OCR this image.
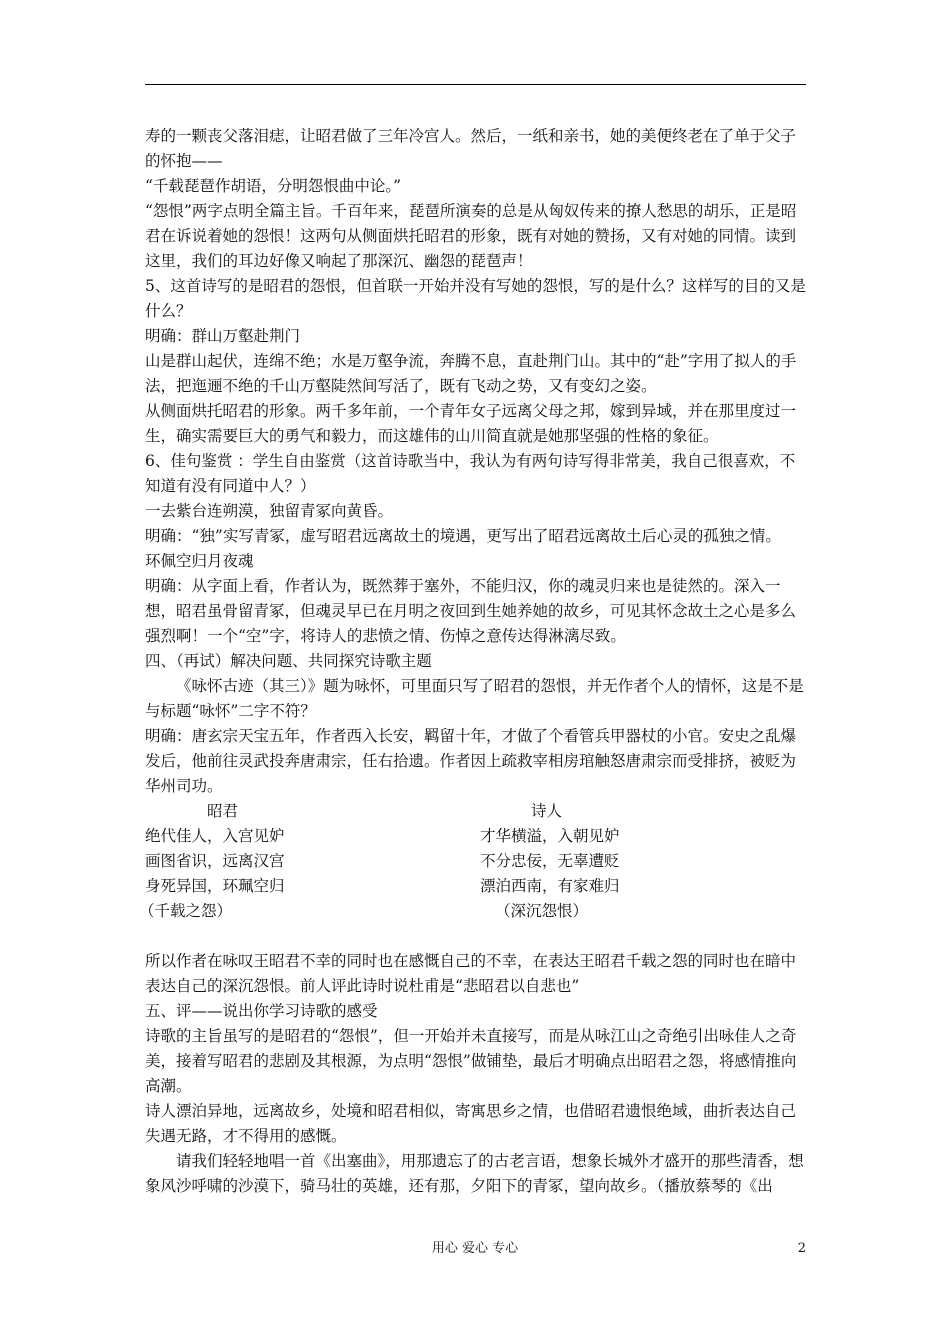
寿的一颗丧父落泪痣，让昭君做了三年冷宫人。然后，一纸和亲书，她的美便终老在了单于父子的怀抱——

“千载琵琶作胡语，分明怨恨曲中论。”

“怨恨”两字点明全篇主旨。千百年来，琵琶所演奏的总是从匈奴传来的撩人愁思的胡乐，正是昭君在诉说着她的怨恨！这两句从侧面烘托昭君的形象，既有对她的赞扬，又有对她的同情。读到这里，我们的耳边好像又响起了那深沉、幽怨的琵琶声！

5、这首诗写的是昭君的怨恨，但首联一开始并没有写她的怨恨，写的是什么？这样写的目的又是什么？

明确：群山万壑赴荆门

山是群山起伏，连绵不绝；水是万壑争流，奔腾不息，直赴荆门山。其中的“赴”字用了拟人的手法，把迤逦不绝的千山万壑陡然间写活了，既有飞动之势，又有变幻之姿。

从侧面烘托昭君的形象。两千多年前，一个青年女子远离父母之邦，嫁到异域，并在那里度过一生，确实需要巨大的勇气和毅力，而这雄伟的山川简直就是她那坚强的性格的象征。

6、佳句鉴赏 ：学生自由鉴赏（这首诗歌当中，我认为有两句诗写得非常美，我自己很喜欢，不知道有没有同道中人？）

一去紫台连朔漠，独留青冢向黄昏。

明确：“独”实写青冢，虚写昭君远离故土的境遇，更写出了昭君远离故土后心灵的孤独之情。

环佩空归月夜魂

明确：从字面上看，作者认为，既然葬于塞外，不能归汉，你的魂灵归来也是徒然的。深入一想，昭君虽骨留青冢，但魂灵早已在月明之夜回到生她养她的故乡，可见其怀念故土之心是多么强烈啊！一个“空”字，将诗人的悲愤之情、伤悼之意传达得淋漓尽致。

四、（再试）解决问题、共同探究诗歌主题

《咏怀古迹（其三）》题为咏怀，可里面只写了昭君的怨恨，并无作者个人的情怀，这是不是与标题“咏怀”二字不符？

明确：唐玄宗天宝五年，作者西入长安，羁留十年，才做了个看管兵甲器杖的小官。安史之乱爆发后，他前往灵武投奔唐肃宗，任右拾遗。作者因上疏救宰相房琯触怒唐肃宗而受排挤，被贬为华州司功。

昭君	诗人
绝代佳人，入宫见妒	才华横溢，入朝见妒
画图省识，远离汉宫	不分忠佞，无辜遭贬
身死异国，环珮空归	漂泊西南，有家难归
（千载之怨）	（深沉怨恨）

所以作者在咏叹王昭君不幸的同时也在感慨自己的不幸，在表达王昭君千载之怨的同时也在暗中表达自己的深沉怨恨。前人评此诗时说杜甫是“悲昭君以自悲也”

五、评——说出你学习诗歌的感受

诗歌的主旨虽写的是昭君的“怨恨”，但一开始并未直接写，而是从咏江山之奇绝引出咏佳人之奇美，接着写昭君的悲剧及其根源，为点明“怨恨”做铺垫，最后才明确点出昭君之怨，将感情推向高潮。

诗人漂泊异地，远离故乡，处境和昭君相似，寄寓思乡之情，也借昭君遗恨绝域，曲折表达自己失遇无路，才不得用的感慨。

请我们轻轻地唱一首《出塞曲》，用那遗忘了的古老言语，想象长城外才盛开的那些清香，想象风沙呼啸的沙漠下，骑马壮的英雄，还有那，夕阳下的青冢，望向故乡。（播放蔡琴的《出

用心 爱心 专心	2
